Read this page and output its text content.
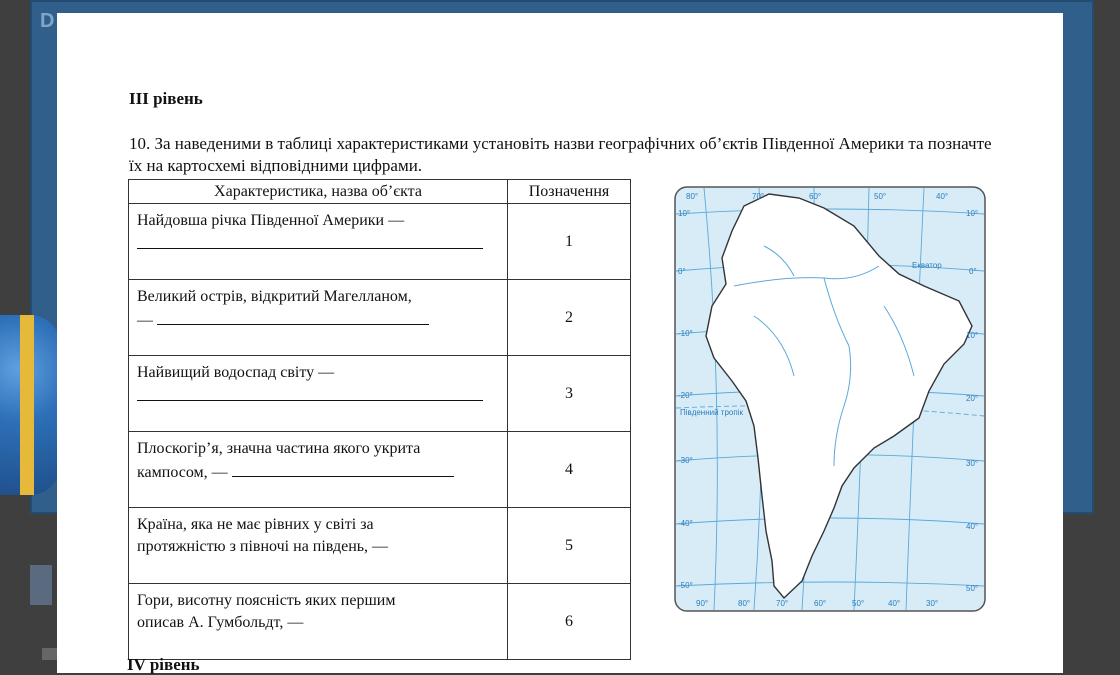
D
III рівень
10. За наведеними в таблиці характеристиками установіть назви географічних об’єктів Південної Америки та позначте їх на картосхемі відповідними цифрами.
Характеристика, назва об’єкта	Позначення
Найдовша річка Південної Америки —	1
Великий острів, відкритий Магелланом,
—	2
Найвищий водоспад світу —	3
Плоскогір’я, значна частина якого укрита
кампосом, —	4
Країна, яка не має рівних у світі за
протяжністю з півночі на південь, —	5
Гори, висотну поясність яких першим
описав А. Гумбольдт, —	6
Екватор
Південний тропік
80°	70°	60°	50°	40°
90°	80°	70°	60°	50°	40°	30°
10°
0°
-10°
-20°
-30°
-40°
-50°
10°
0°
10°
20°
30°
40°
50°
IV рівень
